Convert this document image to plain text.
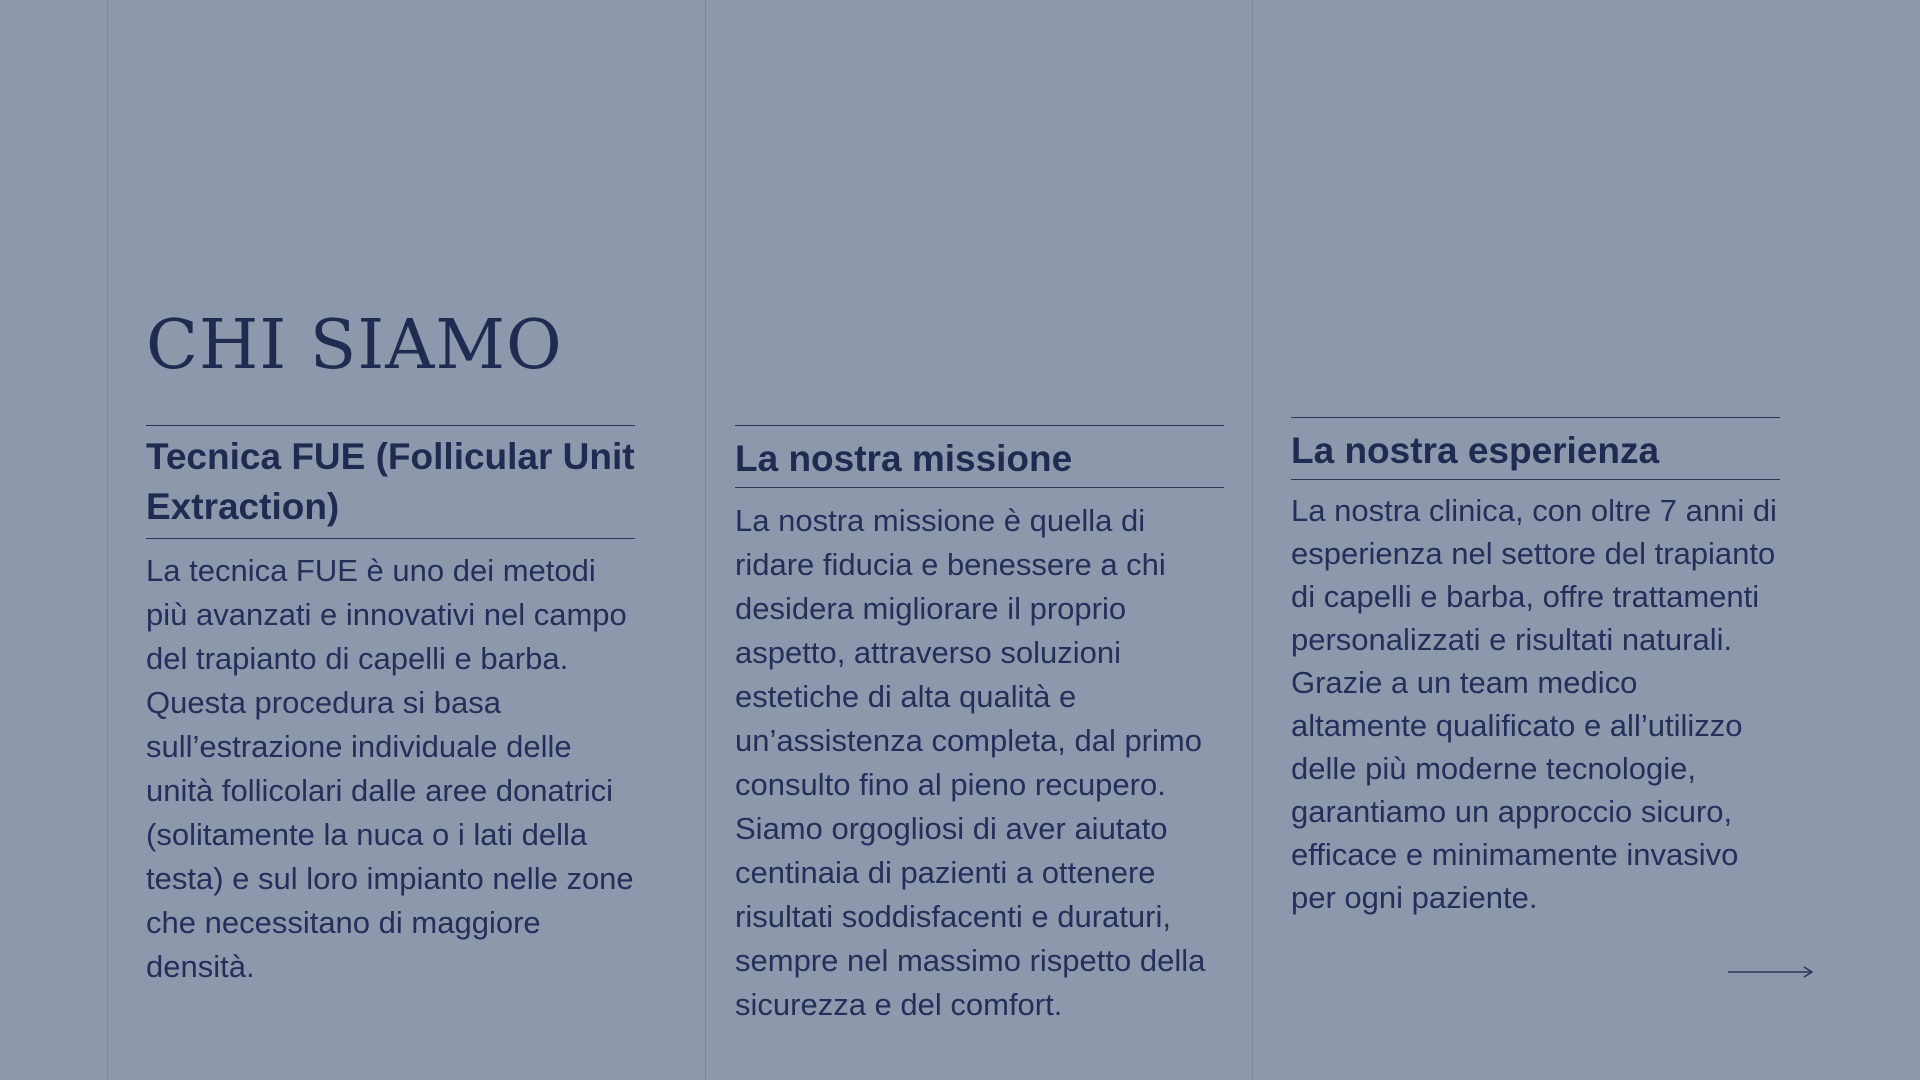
CHI SIAMO
Tecnica FUE (Follicular Unit Extraction)

La tecnica FUE è uno dei metodi più avanzati e innovativi nel campo del trapianto di capelli e barba. Questa procedura si basa sull’estrazione individuale delle unità follicolari dalle aree donatrici (solitamente la nuca o i lati della testa) e sul loro impianto nelle zone che necessitano di maggiore densità.

La nostra missione

La nostra missione è quella di ridare fiducia e benessere a chi desidera migliorare il proprio aspetto, attraverso soluzioni estetiche di alta qualità e un’assistenza completa, dal primo consulto fino al pieno recupero. Siamo orgogliosi di aver aiutato centinaia di pazienti a ottenere risultati soddisfacenti e duraturi, sempre nel massimo rispetto della sicurezza e del comfort.

La nostra esperienza

La nostra clinica, con oltre 7 anni di esperienza nel settore del trapianto di capelli e barba, offre trattamenti personalizzati e risultati naturali. Grazie a un team medico altamente qualificato e all’utilizzo delle più moderne tecnologie, garantiamo un approccio sicuro, efficace e minimamente invasivo per ogni paziente.
